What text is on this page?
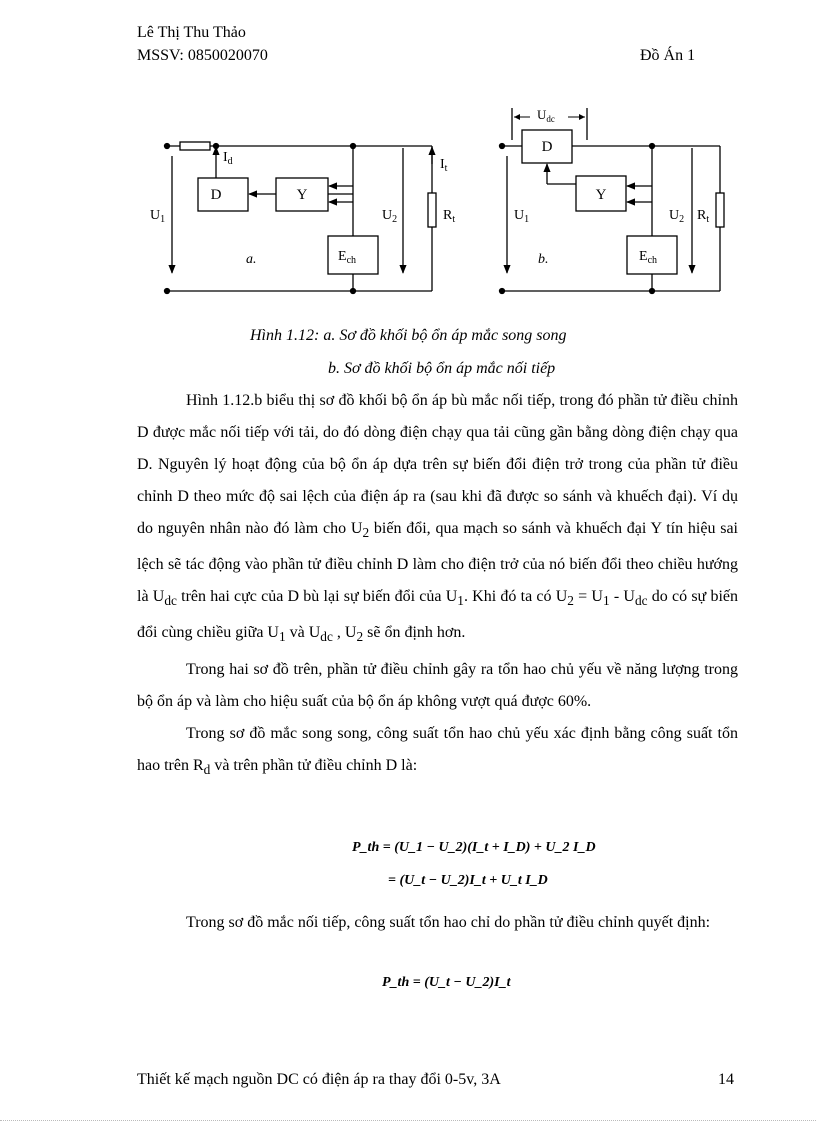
Lê Thị Thu Thảo
MSSV: 0850020070	Đồ Án 1
$I_d$
D	Y
$E_{ch}$
$U_1$	$U_2$
$I_t$
$R_t$
a.
$U_{dc}$
D
Y
$E_{ch}$
$U_1$	$U_2$ $R_t$
b.
Hình 1.12: a. Sơ đồ khối bộ ổn áp mắc song song
b. Sơ đồ khối bộ ổn áp mắc nối tiếp

Hình 1.12.b biểu thị sơ đồ khối bộ ổn áp bù mắc nối tiếp, trong đó phần tử điều chỉnh D được mắc nối tiếp với tải, do đó dòng điện chạy qua tải cũng gần bằng dòng điện chạy qua D. Nguyên lý hoạt động của bộ ổn áp dựa trên sự biến đổi điện trở trong của phần tử điều chỉnh D theo mức độ sai lệch của điện áp ra (sau khi đã được so sánh và khuếch đại). Ví dụ do nguyên nhân nào đó làm cho $U_2$ biến đổi, qua mạch so sánh và khuếch đại Y tín hiệu sai lệch sẽ tác động vào phần tử điều chỉnh D làm cho điện trở của nó biến đổi theo chiều hướng là $U_{dc}$ trên hai cực của D bù lại sự biến đổi của $U_1$. Khi đó ta có $U_2 = U_1 - U_{dc}$ do có sự biến đổi cùng chiều giữa $U_1$ và $U_{dc}$ , $U_2$ sẽ ổn định hơn.

Trong hai sơ đồ trên, phần tử điều chỉnh gây ra tổn hao chủ yếu về năng lượng trong bộ ổn áp và làm cho hiệu suất của bộ ổn áp không vượt quá được 60%.

Trong sơ đồ mắc song song, công suất tổn hao chủ yếu xác định bằng công suất tổn hao trên $R_d$ và trên phần tử điều chỉnh D là:

P_th = (U_1 − U_2)(I_t + I_D) + U_2 I_D
= (U_t − U_2)I_t + U_t I_D

Trong sơ đồ mắc nối tiếp, công suất tổn hao chỉ do phần tử điều chỉnh quyết định:

P_th = (U_t − U_2)I_t
Thiết kế mạch nguồn DC có điện áp ra thay đổi 0-5v, 3A	14
